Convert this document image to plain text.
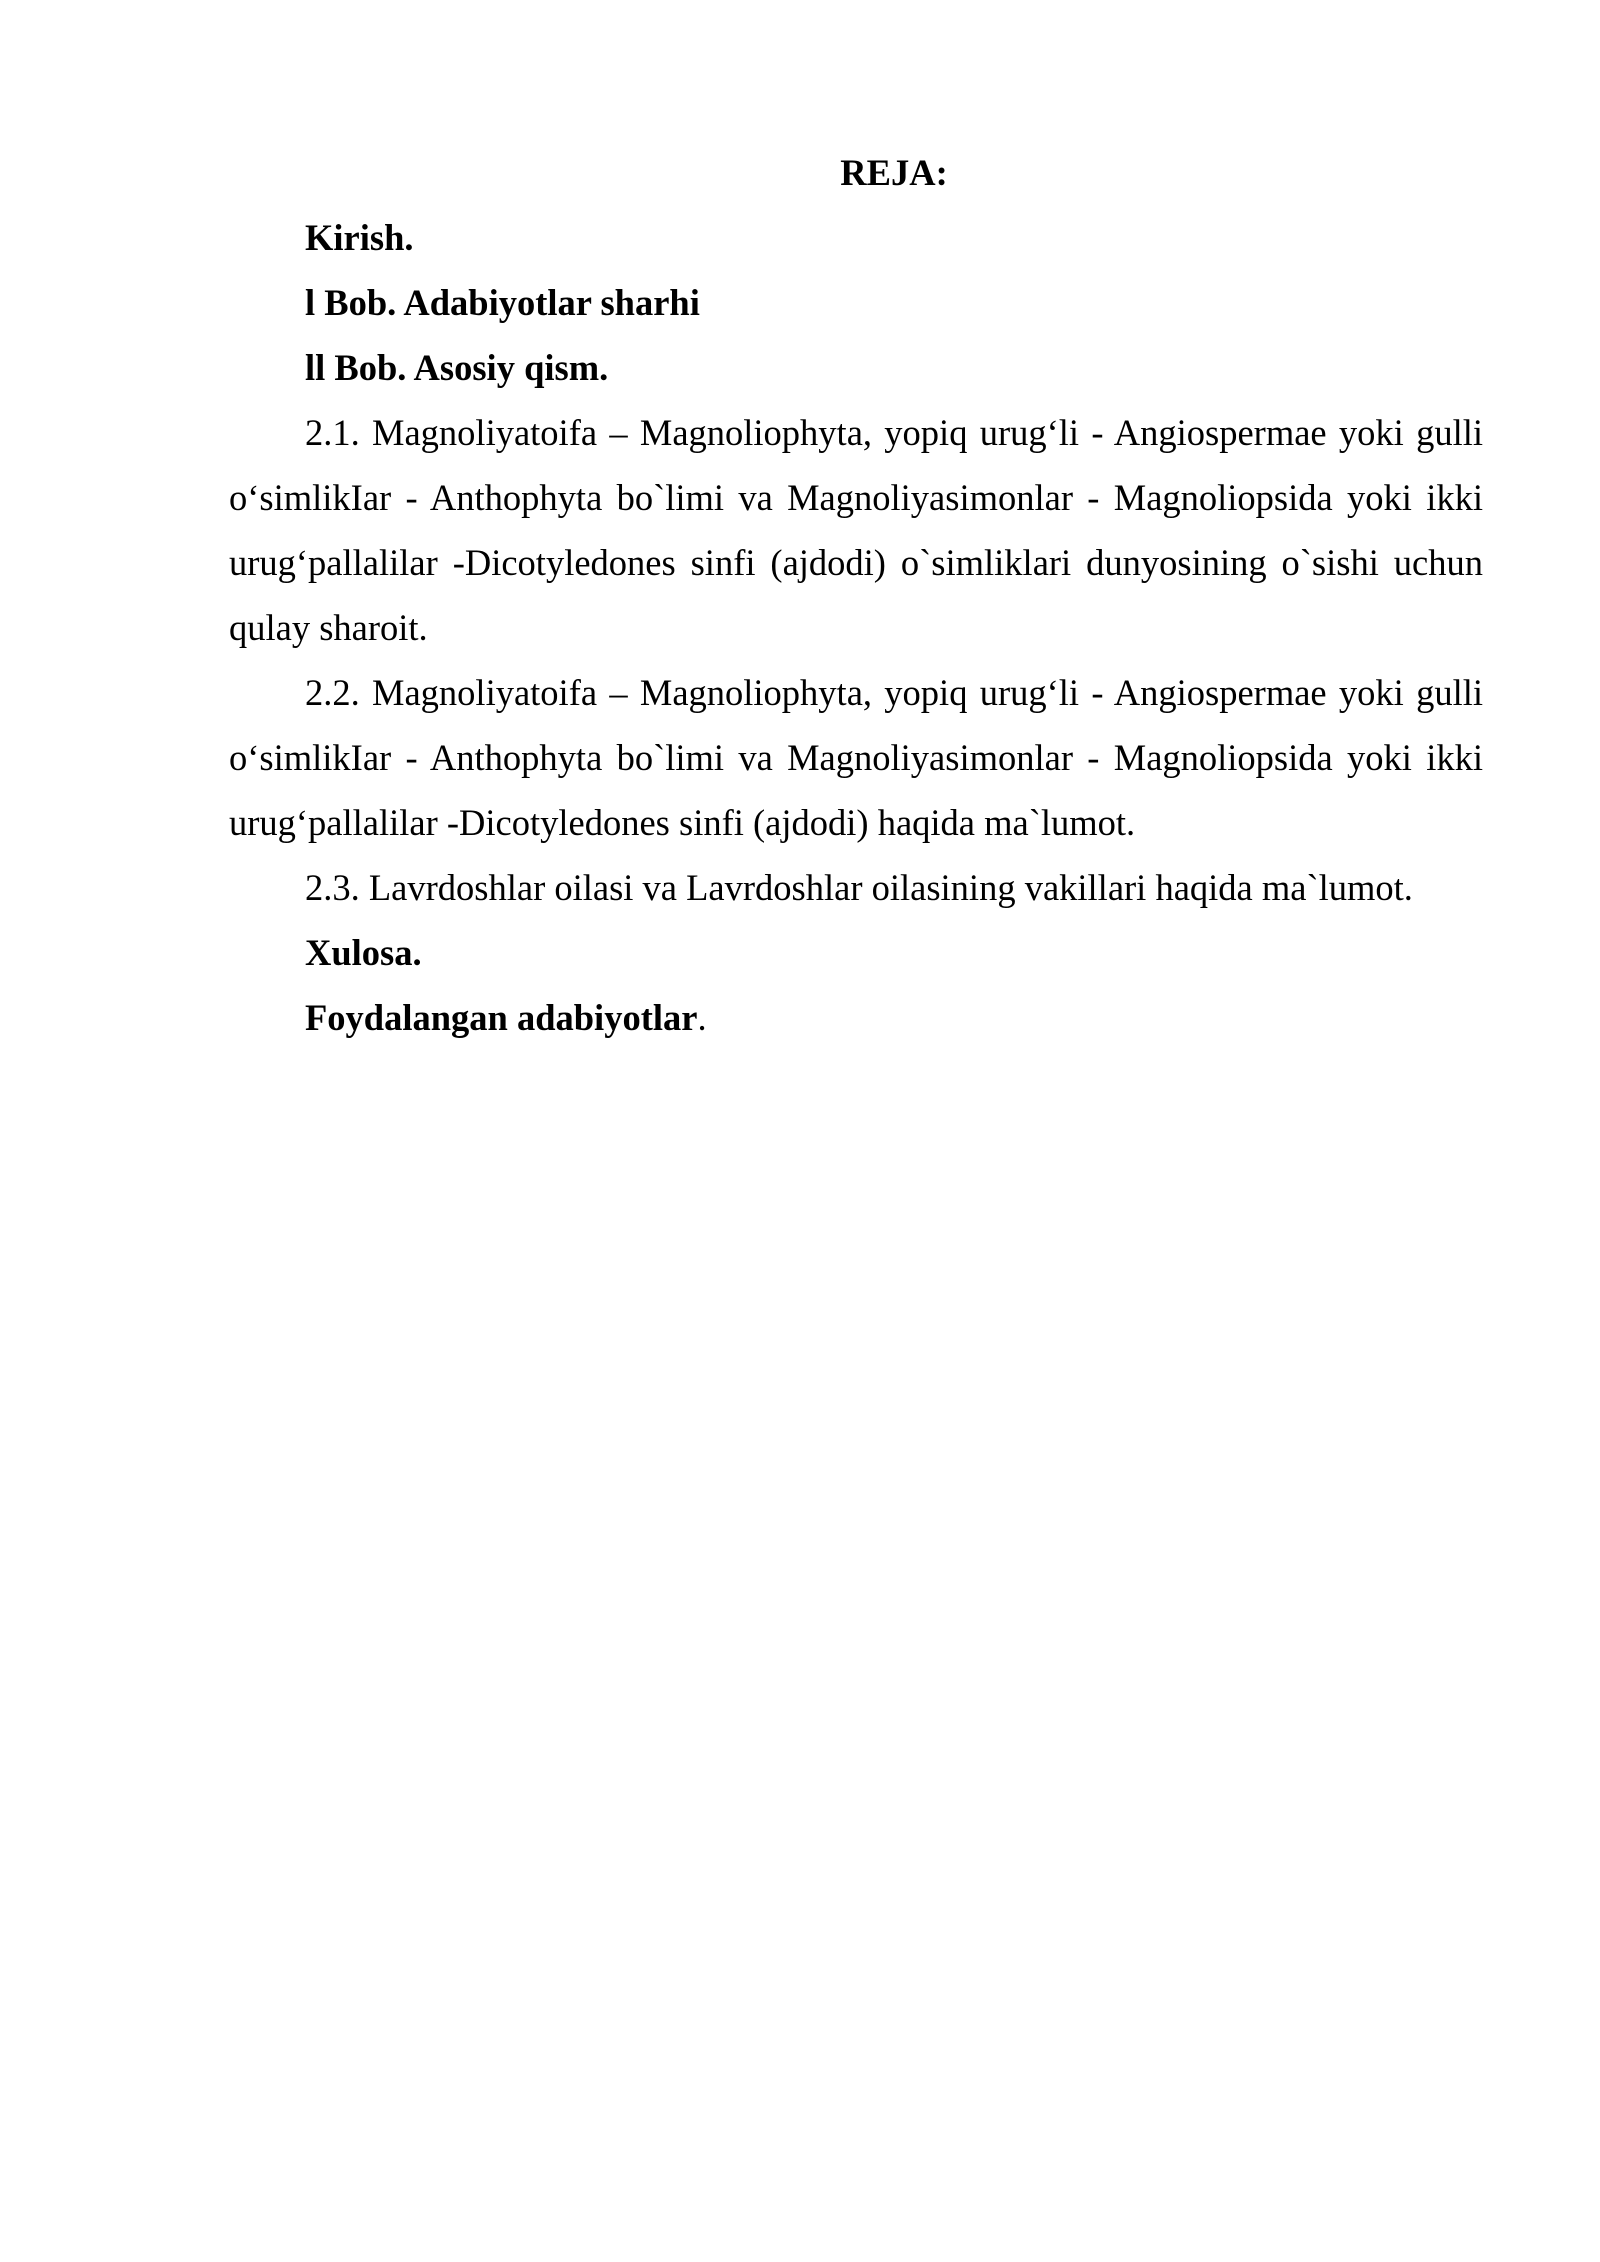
REJA:

Kirish.

l Bob. Adabiyotlar sharhi

ll Bob. Asosiy qism.

2.1. Magnoliyatoifa – Magnoliophyta, yopiq urug‘li - Angiospermae yoki gulli o‘simlikIar - Anthophyta bo`limi va Magnoliyasimonlar - Magnoliopsida yoki ikki urug‘pallalilar -Dicotyledones sinfi (ajdodi) o`simliklari dunyosining o`sishi uchun qulay sharoit.

2.2. Magnoliyatoifa – Magnoliophyta, yopiq urug‘li - Angiospermae yoki gulli o‘simlikIar - Anthophyta bo`limi va Magnoliyasimonlar - Magnoliopsida yoki ikki urug‘pallalilar -Dicotyledones sinfi (ajdodi) haqida ma`lumot.

2.3. Lavrdoshlar oilasi va Lavrdoshlar oilasining vakillari haqida ma`lumot.

Xulosa.

Foydalangan adabiyotlar.
